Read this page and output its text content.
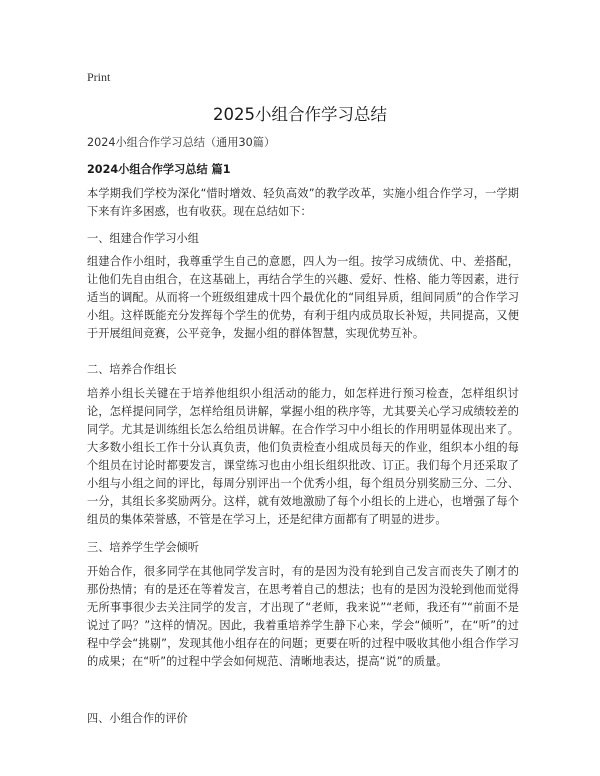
Print
2025小组合作学习总结
2024小组合作学习总结（通用30篇）
2024小组合作学习总结 篇1

本学期我们学校为深化“惜时增效、轻负高效”的教学改革，实施小组合作学习，一学期下来有许多困惑，也有收获。现在总结如下：

一、组建合作学习小组

组建合作小组时，我尊重学生自己的意愿，四人为一组。按学习成绩优、中、差搭配，让他们先自由组合，在这基础上，再结合学生的兴趣、爱好、性格、能力等因素，进行适当的调配。从而将一个班级组建成十四个最优化的“同组异质，组间同质”的合作学习小组。这样既能充分发挥每个学生的优势，有利于组内成员取长补短，共同提高，又便于开展组间竞赛，公平竞争，发掘小组的群体智慧，实现优势互补。

二、培养合作组长

培养小组长关键在于培养他组织小组活动的能力，如怎样进行预习检查，怎样组织讨论，怎样提问同学，怎样给组员讲解，掌握小组的秩序等，尤其要关心学习成绩较差的同学。尤其是训练组长怎么给组员讲解。在合作学习中小组长的作用明显体现出来了。大多数小组长工作十分认真负责，他们负责检查小组成员每天的作业，组织本小组的每个组员在讨论时都要发言，课堂练习也由小组长组织批改、订正。我们每个月还采取了小组与小组之间的评比，每周分别评出一个优秀小组，每个组员分别奖励三分、二分、一分，其组长多奖励两分。这样，就有效地激励了每个小组长的上进心，也增强了每个组员的集体荣誉感，不管是在学习上，还是纪律方面都有了明显的进步。

三、培养学生学会倾听

开始合作，很多同学在其他同学发言时，有的是因为没有轮到自己发言而丧失了刚才的那份热情；有的是还在等着发言，在思考着自己的想法；也有的是因为没轮到他而觉得无所事事很少去关注同学的发言，才出现了“老师，我来说”“老师，我还有”“前面不是说过了吗？”这样的情况。因此，我着重培养学生静下心来，学会“倾听”，在“听”的过程中学会“挑剔”，发现其他小组存在的问题；更要在听的过程中吸收其他小组合作学习的成果；在“听”的过程中学会如何规范、清晰地表达，提高“说”的质量。

四、小组合作的评价
